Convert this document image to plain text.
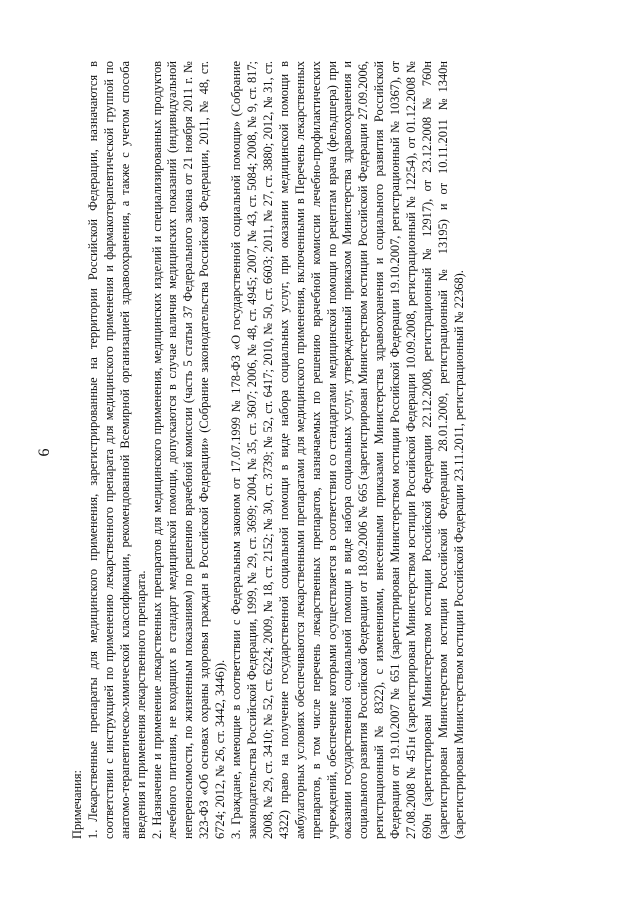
6

Примечания: 1. Лекарственные препараты для медицинского применения, зарегистрированные на территории Российской Федерации, назначаются в соответствии с инструкцией по применению лекарственного препарата для медицинского применения и фармакотерапевтической группой по анатомо-терапевтическо-химической классификации, рекомендованной Всемирной организацией здравоохранения, а также с учетом способа введения и применения лекарственного препарата. 2. Назначение и применение лекарственных препаратов для медицинского применения, медицинских изделий и специализированных продуктов лечебного питания, не входящих в стандарт медицинской помощи, допускаются в случае наличия медицинских показаний (индивидуальной непереносимости, по жизненным показаниям) по решению врачебной комиссии (часть 5 статьи 37 Федерального закона от 21 ноября 2011 г. № 323-ФЗ «Об основах охраны здоровья граждан в Российской Федерации» (Собрание законодательства Российской Федерации, 2011, № 48, ст. 6724; 2012, № 26, ст. 3442, 3446)). 3. Граждане, имеющие в соответствии с Федеральным законом от 17.07.1999 № 178-ФЗ «О государственной социальной помощи» (Собрание законодательства Российской Федерации, 1999, № 29, ст. 3699; 2004, № 35, ст. 3607; 2006, № 48, ст. 4945; 2007, № 43, ст. 5084; 2008, № 9, ст. 817; 2008, № 29, ст. 3410; № 52, ст. 6224; 2009, № 18, ст. 2152; № 30, ст. 3739; № 52, ст. 6417; 2010, № 50, ст. 6603; 2011, № 27, ст. 3880; 2012, № 31, ст. 4322) право на получение государственной социальной помощи в виде набора социальных услуг, при оказании медицинской помощи в амбулаторных условиях обеспечиваются лекарственными препаратами для медицинского применения, включенными в Перечень лекарственных препаратов, в том числе перечень лекарственных препаратов, назначаемых по решению врачебной комиссии лечебно-профилактических учреждений, обеспечение которыми осуществляется в соответствии со стандартами медицинской помощи по рецептам врача (фельдшера) при оказании государственной социальной помощи в виде набора социальных услуг, утвержденный приказом Министерства здравоохранения и социального развития Российской Федерации от 18.09.2006 № 665 (зарегистрирован Министерством юстиции Российской Федерации 27.09.2006, регистрационный № 8322), с изменениями, внесенными приказами Министерства здравоохранения и социального развития Российской Федерации от 19.10.2007 № 651 (зарегистрирован Министерством юстиции Российской Федерации 19.10.2007, регистрационный № 10367), от 27.08.2008 № 451н (зарегистрирован Министерством юстиции Российской Федерации 10.09.2008, регистрационный № 12254), от 01.12.2008 № 690н (зарегистрирован Министерством юстиции Российской Федерации 22.12.2008, регистрационный № 12917), от 23.12.2008 № 760н (зарегистрирован Министерством юстиции Российской Федерации 28.01.2009, регистрационный № 13195) и от 10.11.2011 №1340н (зарегистрирован Министерством юстиции Российской Федерации 23.11.2011, регистрационный № 22368).
